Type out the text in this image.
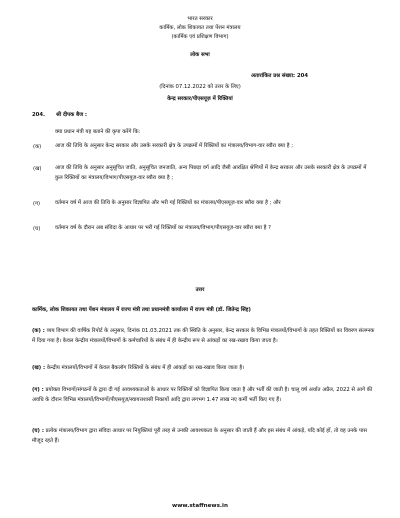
भारत सरकार
कार्मिक, लोक शिकायत तथा पेंशन मंत्रालय
(कार्मिक एवं प्रशिक्षण विभाग)
लोक सभा
अतारांकित प्रश्न संख्या: 204
(दिनांक 07.12.2022 को उत्तर के लिए)
केन्द्र सरकार/पीएसयूज़ में रिक्तियां
204. श्री दीपक बैज :
क्या प्रधान मंत्री यह बताने की कृपा करेंगे कि:
(क)	आज की तिथि के अनुसार केन्द्र सरकार और उसके सरकारी क्षेत्र के उपक्रमों में रिक्तियों का मंत्रालय/विभाग-वार ब्यौरा क्या है ;
(ख)	आज की तिथि के अनुसार अनुसूचित जाति, अनुसूचित जनजाति, अन्य पिछड़ा वर्ग आदि जैसी आरक्षित श्रेणियों में केन्द्र सरकार और उसके सरकारी क्षेत्र के उपक्रमों में कुल रिक्तियों का मंत्रालय/विभाग/पीएसयूज़-वार ब्यौरा क्या है ;
(ग)	वर्तमान वर्ष में आज की तिथि के अनुसार विज्ञापित और भरी गई रिक्तियों का मंत्रालय/पीएसयूज़-वार ब्यौरा क्या है ; और
(घ)	वर्तमान वर्ष के दौरान अब संविदा के आधार पर भरी गई रिक्तियों का मंत्रालय/विभाग/पीएसयूज़-वार ब्यौरा क्या है ?
उत्तर
कार्मिक, लोक शिकायत तथा पेंशन मंत्रालय में राज्य मंत्री तथा प्रधानमंत्री कार्यालय में राज्य मंत्री (डॉ. जितेन्द्र सिंह)
(क) : व्यय विभाग की वार्षिक रिपोर्ट के अनुसार, दिनांक 01.03.2021 तक की स्थिति के अनुसार, केन्द्र सरकार के विभिन्न मंत्रालयों/विभागों के तहत रिक्तियों का विवरण संलग्नक में दिया गया है। केवल केन्द्रीय मंत्रालयों/विभागों के कर्मचारियों के संबंध में ही केन्द्रीय रूप से आंकड़ों का रख-रखाव किया जाता है।
(ख) : केन्द्रीय मंत्रालयों/विभागों में केवल बैकलॉग रिक्तियों के संबंध में ही आंकड़ों का रख-रखाव किया जाता है।
(ग) : प्रयोक्ता विभागों/संगठनों के द्वारा दी गई आवश्यकताओं के आधार पर रिक्तियों को विज्ञापित किया जाता है और भर्ती की जाती है। चालू वर्ष अर्थात अप्रैल, 2022 से आगे की अवधि के दौरान विभिन्न मंत्रालयों/विभागों/पीएसयूज़/स्वायत्तशासी निकायों आदि द्वारा लगभग 1.47 लाख नए कर्मी भर्ती किए गए हैं।
(घ) : प्रत्येक मंत्रालय/विभाग द्वारा संविदा आधार पर नियुक्तियां पूरी तरह से उनकी आवश्यकता के अनुसार की जाती हैं और इस संबंध में आंकड़े, यदि कोई हों, तो वह उनके पास मौजूद रहते हैं।
www.staffnews.in
